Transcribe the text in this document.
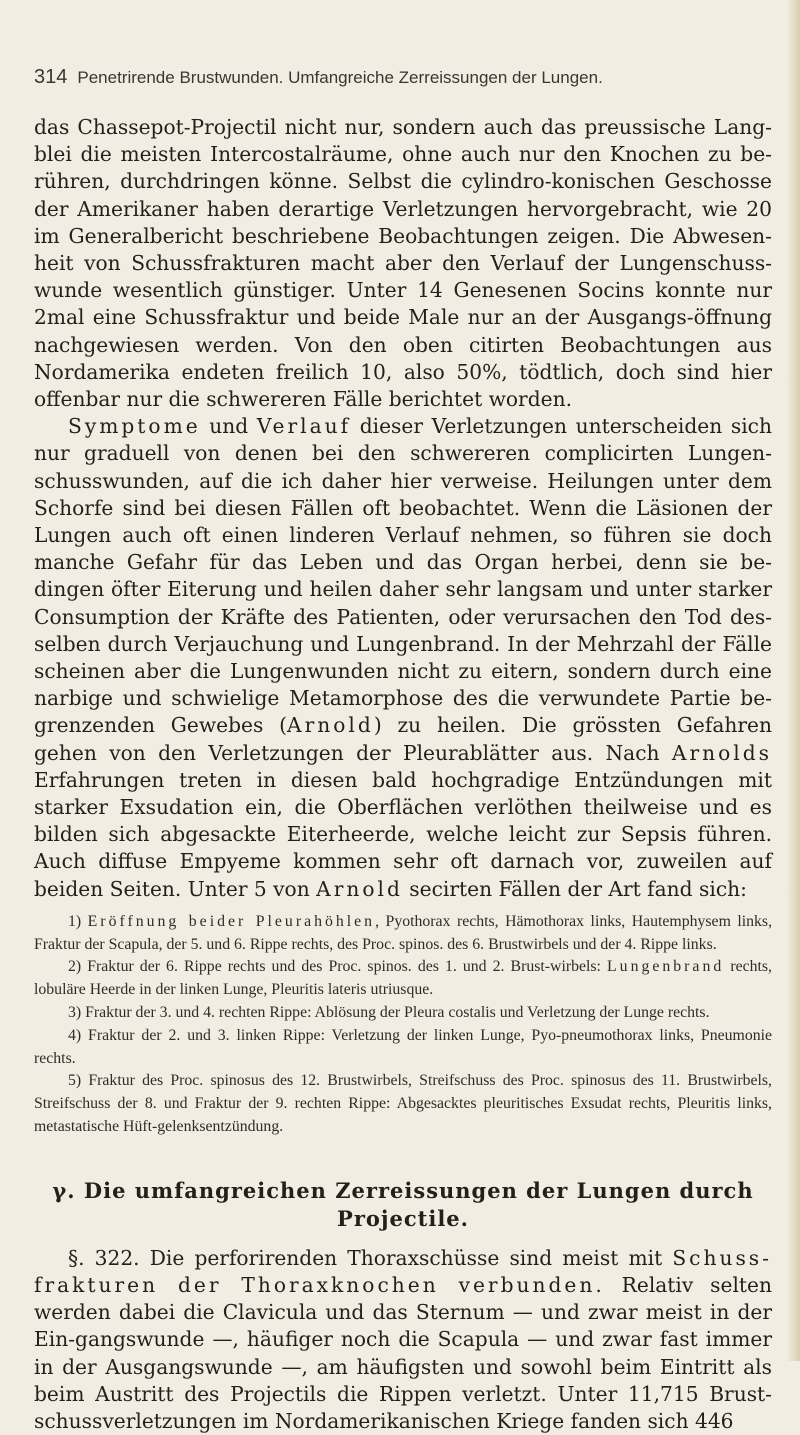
314 Penetrirende Brustwunden. Umfangreiche Zerreissungen der Lungen.

das Chassepot-Projectil nicht nur, sondern auch das preussische Lang-blei die meisten Intercostalräume, ohne auch nur den Knochen zu be-rühren, durchdringen könne. Selbst die cylindro-konischen Geschosse der Amerikaner haben derartige Verletzungen hervorgebracht, wie 20 im Generalbericht beschriebene Beobachtungen zeigen. Die Abwesen-heit von Schussfrakturen macht aber den Verlauf der Lungenschuss-wunde wesentlich günstiger. Unter 14 Genesenen Socins konnte nur 2mal eine Schussfraktur und beide Male nur an der Ausgangs-öffnung nachgewiesen werden. Von den oben citirten Beobachtungen aus Nordamerika endeten freilich 10, also 50%, tödtlich, doch sind hier offenbar nur die schwereren Fälle berichtet worden.

Symptome und Verlauf dieser Verletzungen unterscheiden sich nur graduell von denen bei den schwereren complicirten Lungen-schusswunden, auf die ich daher hier verweise. Heilungen unter dem Schorfe sind bei diesen Fällen oft beobachtet. Wenn die Läsionen der Lungen auch oft einen linderen Verlauf nehmen, so führen sie doch manche Gefahr für das Leben und das Organ herbei, denn sie be-dingen öfter Eiterung und heilen daher sehr langsam und unter starker Consumption der Kräfte des Patienten, oder verursachen den Tod des-selben durch Verjauchung und Lungenbrand. In der Mehrzahl der Fälle scheinen aber die Lungenwunden nicht zu eitern, sondern durch eine narbige und schwielige Metamorphose des die verwundete Partie be-grenzenden Gewebes (Arnold) zu heilen. Die grössten Gefahren gehen von den Verletzungen der Pleurablätter aus. Nach Arnolds Erfahrungen treten in diesen bald hochgradige Entzündungen mit starker Exsudation ein, die Oberflächen verlöthen theilweise und es bilden sich abgesackte Eiterheerde, welche leicht zur Sepsis führen. Auch diffuse Empyeme kommen sehr oft darnach vor, zuweilen auf beiden Seiten. Unter 5 von Arnold secirten Fällen der Art fand sich:

1) Eröffnung beider Pleurahöhlen, Pyothorax rechts, Hämothorax links, Hautemphysem links, Fraktur der Scapula, der 5. und 6. Rippe rechts, des Proc. spinos. des 6. Brustwirbels und der 4. Rippe links.

2) Fraktur der 6. Rippe rechts und des Proc. spinos. des 1. und 2. Brust-wirbels: Lungenbrand rechts, lobuläre Heerde in der linken Lunge, Pleuritis lateris utriusque.

3) Fraktur der 3. und 4. rechten Rippe: Ablösung der Pleura costalis und Verletzung der Lunge rechts.

4) Fraktur der 2. und 3. linken Rippe: Verletzung der linken Lunge, Pyo-pneumothorax links, Pneumonie rechts.

5) Fraktur des Proc. spinosus des 12. Brustwirbels, Streifschuss des Proc. spinosus des 11. Brustwirbels, Streifschuss der 8. und Fraktur der 9. rechten Rippe: Abgesacktes pleuritisches Exsudat rechts, Pleuritis links, metastatische Hüft-gelenksentzündung.

γ. Die umfangreichen Zerreissungen der Lungen durch
Projectile.

§. 322. Die perforirenden Thoraxschüsse sind meist mit Schuss-frakturen der Thoraxknochen verbunden. Relativ selten werden dabei die Clavicula und das Sternum — und zwar meist in der Ein-gangswunde —, häufiger noch die Scapula — und zwar fast immer in der Ausgangswunde —, am häufigsten und sowohl beim Eintritt als beim Austritt des Projectils die Rippen verletzt. Unter 11,715 Brust-schussverletzungen im Nordamerikanischen Kriege fanden sich 446
